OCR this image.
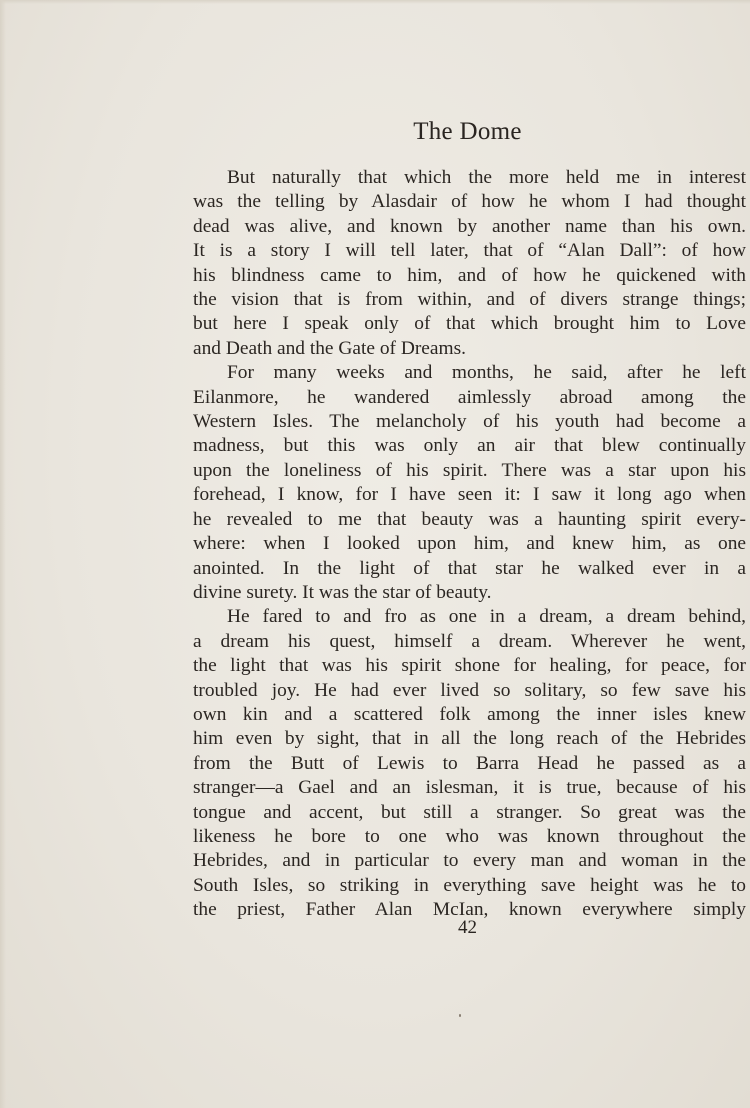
The Dome
But naturally that which the more held me in interest
was the telling by Alasdair of how he whom I had thought
dead was alive, and known by another name than his own.
It is a story I will tell later, that of “Alan Dall”: of how
his blindness came to him, and of how he quickened with
the vision that is from within, and of divers strange things;
but here I speak only of that which brought him to Love
and Death and the Gate of Dreams.
For many weeks and months, he said, after he left
Eilanmore, he wandered aimlessly abroad among the
Western Isles. The melancholy of his youth had become a
madness, but this was only an air that blew continually
upon the loneliness of his spirit. There was a star upon his
forehead, I know, for I have seen it: I saw it long ago when
he revealed to me that beauty was a haunting spirit every-
where: when I looked upon him, and knew him, as one
anointed. In the light of that star he walked ever in a
divine surety. It was the star of beauty.
He fared to and fro as one in a dream, a dream behind,
a dream his quest, himself a dream. Wherever he went,
the light that was his spirit shone for healing, for peace, for
troubled joy. He had ever lived so solitary, so few save his
own kin and a scattered folk among the inner isles knew
him even by sight, that in all the long reach of the Hebrides
from the Butt of Lewis to Barra Head he passed as a
stranger—a Gael and an islesman, it is true, because of his
tongue and accent, but still a stranger. So great was the
likeness he bore to one who was known throughout the
Hebrides, and in particular to every man and woman in the
South Isles, so striking in everything save height was he to
the priest, Father Alan McIan, known everywhere simply
42
